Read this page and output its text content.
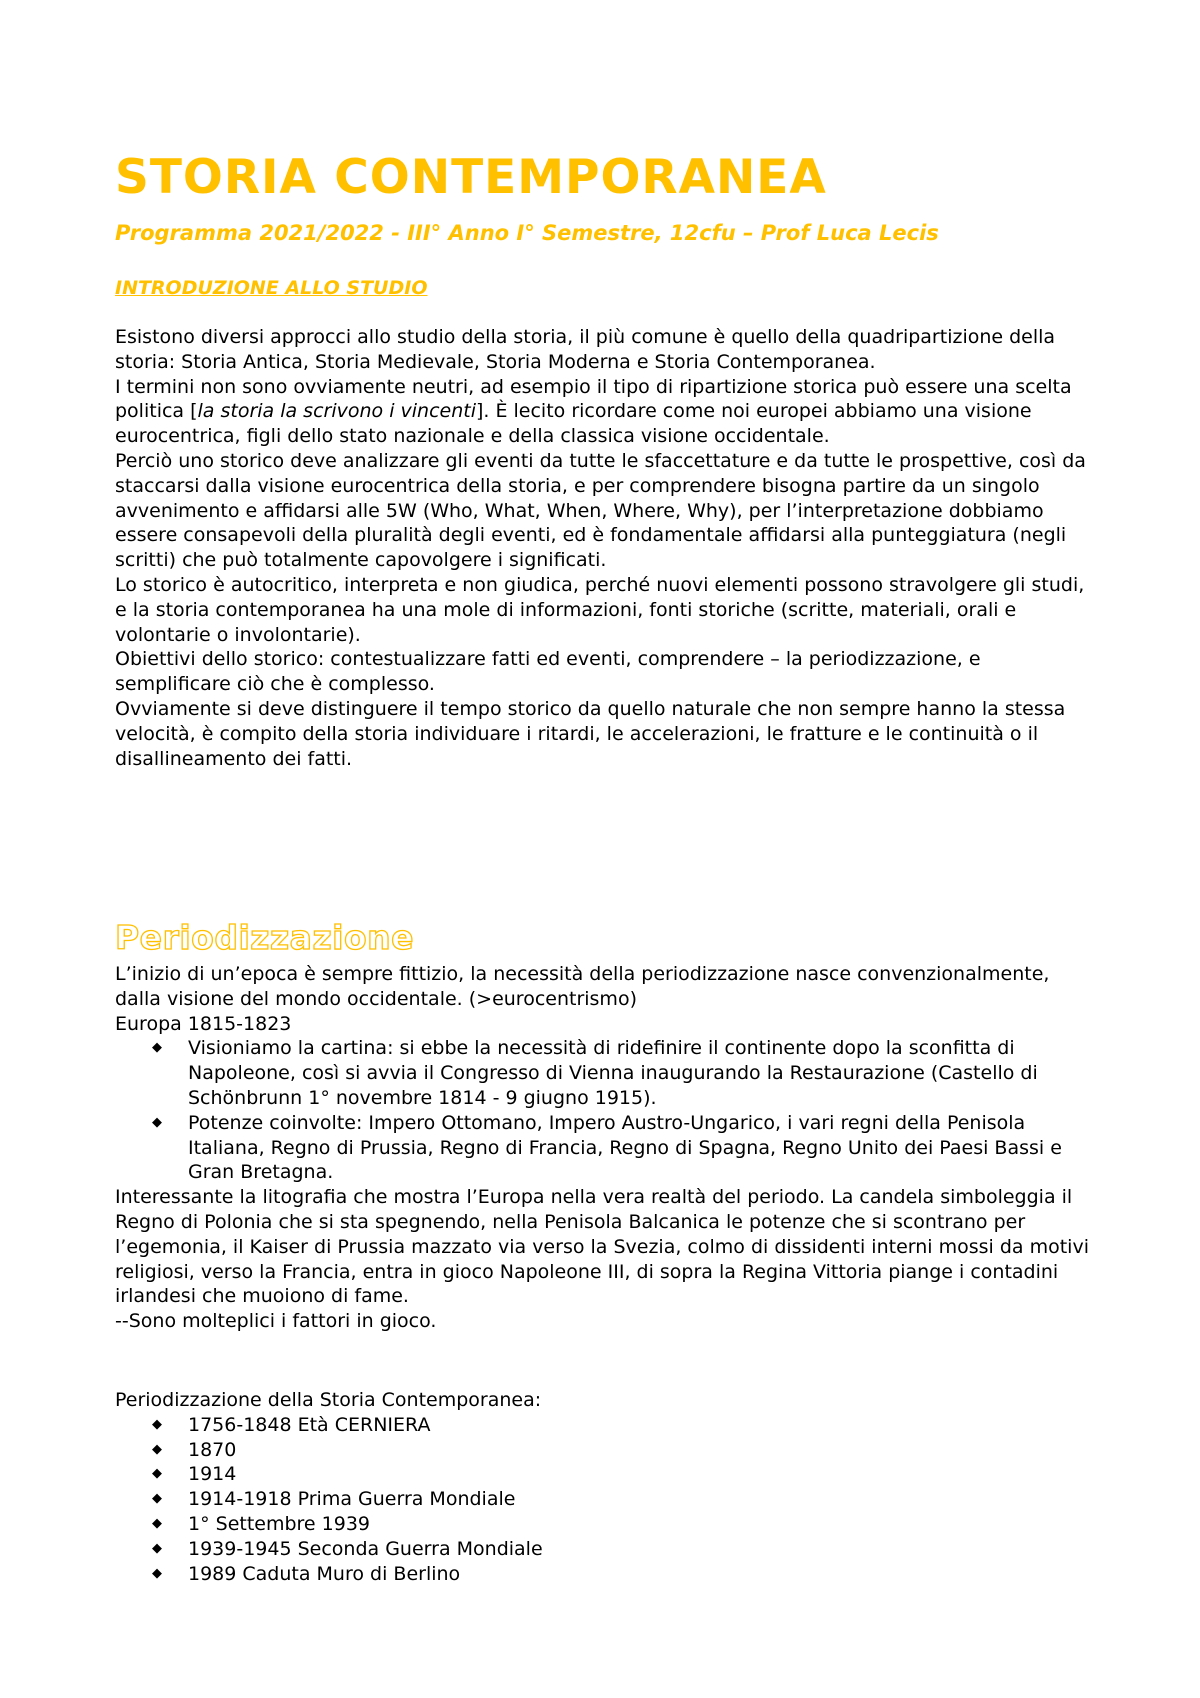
STORIA CONTEMPORANEA
Programma 2021/2022 - III° Anno I° Semestre, 12cfu – Prof Luca Lecis
INTRODUZIONE ALLO STUDIO

Esistono diversi approcci allo studio della storia, il più comune è quello della quadripartizione della storia: Storia Antica, Storia Medievale, Storia Moderna e Storia Contemporanea.

I termini non sono ovviamente neutri, ad esempio il tipo di ripartizione storica può essere una scelta politica [la storia la scrivono i vincenti]. È lecito ricordare come noi europei abbiamo una visione eurocentrica, figli dello stato nazionale e della classica visione occidentale.

Perciò uno storico deve analizzare gli eventi da tutte le sfaccettature e da tutte le prospettive, così da staccarsi dalla visione eurocentrica della storia, e per comprendere bisogna partire da un singolo avvenimento e affidarsi alle 5W (Who, What, When, Where, Why), per l’interpretazione dobbiamo essere consapevoli della pluralità degli eventi, ed è fondamentale affidarsi alla punteggiatura (negli scritti) che può totalmente capovolgere i significati.

Lo storico è autocritico, interpreta e non giudica, perché nuovi elementi possono stravolgere gli studi, e la storia contemporanea ha una mole di informazioni, fonti storiche (scritte, materiali, orali e volontarie o involontarie).

Obiettivi dello storico: contestualizzare fatti ed eventi, comprendere – la periodizzazione, e semplificare ciò che è complesso.

Ovviamente si deve distinguere il tempo storico da quello naturale che non sempre hanno la stessa velocità, è compito della storia individuare i ritardi, le accelerazioni, le fratture e le continuità o il disallineamento dei fatti.

Periodizzazione

L’inizio di un’epoca è sempre fittizio, la necessità della periodizzazione nasce convenzionalmente, dalla visione del mondo occidentale. (>eurocentrismo)

Europa 1815-1823

◆ Visioniamo la cartina: si ebbe la necessità di ridefinire il continente dopo la sconfitta di Napoleone, così si avvia il Congresso di Vienna inaugurando la Restaurazione (Castello di Schönbrunn 1° novembre 1814 - 9 giugno 1915).
◆ Potenze coinvolte: Impero Ottomano, Impero Austro-Ungarico, i vari regni della Penisola Italiana, Regno di Prussia, Regno di Francia, Regno di Spagna, Regno Unito dei Paesi Bassi e Gran Bretagna.

Interessante la litografia che mostra l’Europa nella vera realtà del periodo. La candela simboleggia il Regno di Polonia che si sta spegnendo, nella Penisola Balcanica le potenze che si scontrano per l’egemonia, il Kaiser di Prussia mazzato via verso la Svezia, colmo di dissidenti interni mossi da motivi religiosi, verso la Francia, entra in gioco Napoleone III, di sopra la Regina Vittoria piange i contadini irlandesi che muoiono di fame.

--Sono molteplici i fattori in gioco.

Periodizzazione della Storia Contemporanea:

◆ 1756-1848 Età CERNIERA
◆ 1870
◆ 1914
◆ 1914-1918 Prima Guerra Mondiale
◆ 1° Settembre 1939
◆ 1939-1945 Seconda Guerra Mondiale
◆ 1989 Caduta Muro di Berlino
